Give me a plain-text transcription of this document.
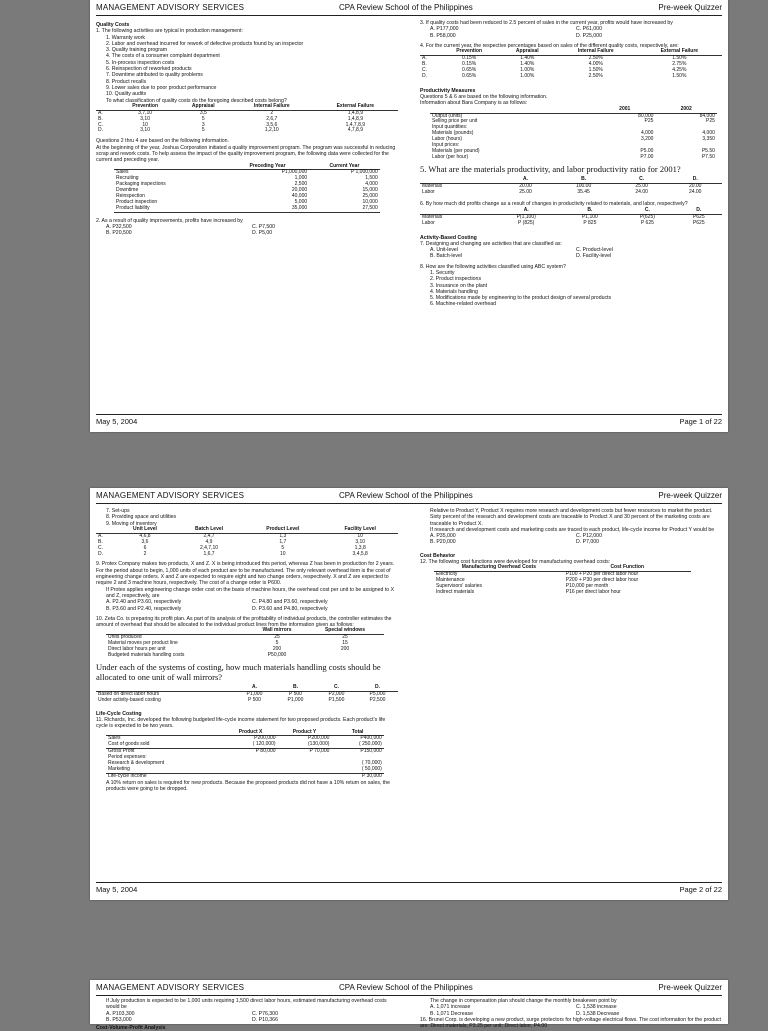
MANAGEMENT ADVISORY SERVICES	CPA Review School of the Philippines	Pre-week Quizzer
Quality Costs
1. The following activities are typical in production management:
1. Warranty work
2. Labor and overhead incurred for rework of defective products found by an inspector
3. Quality training program
4. The costs of a consumer complaint department
5. In-process inspection costs
6. Reinspection of reworked products
7. Downtime attributed to quality problems
8. Product recalls
9. Lower sales due to poor product performance
10. Quality audits
To what classification of quality costs do the foregoing described costs belong?
	Prevention	Appraisal	Internal Failure	External Failure
A.	3,7,10	3,5	2	1,4,8,9
B.	3,10	5	2,6,7	1,4,8,9
C.	10	3	3,5,6	1,4,7,8,9
D.	3,10	5	1,2,10	4,7,8,9
Questions 2 thru 4 are based on the following information.
At the beginning of the year, Joshua Corporation initiated a quality improvement program. The program was successful in reducing scrap and rework costs. To help assess the impact of the quality improvement program, the following data were collected for the current and preceding year.
	Preceding Year	Current Year
Sales	P1,000,000	P 1,000,000
Recruiting	1,000	1,500
Packaging inspections	2,500	4,000
Downtime	20,000	15,000
Reinspection	40,000	25,000
Product inspection	5,000	10,000
Product liability	35,000	27,500
2. As a result of quality improvements, profits have increased by
A. P32,500	C. P7,500
B. P20,500	D. P5,00
3. If quality costs had been reduced to 2.5 percent of sales in the current year, profits would have increased by
A. P177,000	C. P61,000
B. P58,000	D. P25,000
4. For the current year, the respective percentages based on sales of the different quality costs, respectively, are:
	Prevention	Appraisal	Internal Failure	External Failure
A.	0.15%	1.40%	2.50%	1.50%
B.	0.15%	1.40%	4.00%	2.75%
C.	0.65%	1.00%	1.50%	4.25%
D.	0.65%	1.00%	2.50%	1.50%
Productivity Measures
Questions 5 & 6 are based on the following information.
Information about Bara Company is as follows:
	2001	2002
Output (units)	80,000	84,000
Selling price per unit	P25	P25
Input quantities:		
Materials (pounds)	4,000	4,000
Labor (hours)	3,200	3,350
Input prices:		
Materials (per pound)	P5.00	P5.50
Labor (per hour)	P7.00	P7.50
5. What are the materials productivity, and labor productivity ratio for 2001?
	A.	B.	C.	D.
Materials	20.00	100.00	25.00	20.00
Labor	25.00	35.45	24.00	24.00
6. By how much did profits change as a result of changes in productivity related to materials, and labor, respectively?
	A.	B.	C.	D.
Materials	P(1,100)	P1,100	P(625)	P625
Labor	P (825)	P 825	P 625	P625
Activity-Based Costing
7. Designing and changing are activities that are classified as:
A. Unit-level	C. Product-level
B. Batch-level	D. Facility-level
8. How are the following activities classified using ABC system?
1. Security
2. Product inspections
3. Insurance on the plant
4. Materials handling
5. Modifications made by engineering to the product design of several products
6. Machine-related overhead
May 5, 2004	Page 1 of 22
MANAGEMENT ADVISORY SERVICES	CPA Review School of the Philippines	Pre-week Quizzer
7. Set-ups
8. Providing space and utilities
9. Moving of inventory
	Unit Level	Batch Level	Product Level	Facility Level
A.	4,6,8	2,4,7	1,3	10
B.	3,6	4,9	1,7	3,10
C.	6	2,4,7,10	5	1,3,8
D.	2	1,6,7	10	3,4,5,8
9. Protex Company makes two products, X and Z. X is being introduced this period, whereas Z has been in production for 2 years. For the period about to begin, 1,000 units of each product are to be manufactured. The only relevant overhead item is the cost of engineering change orders. X and Z are expected to require eight and two change orders, respectively. X and Z are expected to require 2 and 3 machine hours, respectively. The cost of a change order is P600.
If Protex applies engineering change order cost on the basis of machine hours, the overhead cost per unit to be assigned to X and Z, respectively, are
A. P2.40 and P3.60, respectively	C. P4.80 and P3.60, respectively
B. P3.60 and P2.40, respectively	D. P3.60 and P4.80, respectively
10. Zeta Co. is preparing its profit plan. As part of its analysis of the profitability of individual products, the controller estimates the amount of overhead that should be allocated to the individual product lines from the information given as follows:
	Wall mirrors	Special windows
Units produced	25	25
Material moves per product line	5	15
Direct labor hours per unit	200	200
Budgeted materials handling costs	P50,000	
Under each of the systems of costing, how much materials handling costs should be allocated to one unit of wall mirrors?
	A.	B.	C.	D.
Based on direct labor hours	P1,000	P 500	P2,000	P5,000
Under activity-based costing	P 500	P1,000	P1,500	P2,500
Life-Cycle Costing
11. Richards, Inc. developed the following budgeted life-cycle income statement for two proposed products. Each product's life cycle is expected to be two years.
	Product X	Product Y	Total
Sales	P200,000	P200,000	P400,000
Cost of goods sold	( 120,000)	(130,000)	( 250,000)
Gross Profit	P 80,000	P 70,000	P150,000
Period expenses:			
Research & development			( 70,000)
Marketing			( 50,000)
Life-cycle income			P 30,000
A 10% return on sales is required for new products. Because the proposed products did not have a 10% return on sales, the products were going to be dropped.
Relative to Product Y, Product X requires more research and development costs but fewer resources to market the product. Sixty percent of the research and development costs are traceable to Product X and 30 percent of the marketing costs are traceable to Product X.
If research and development costs and marketing costs are traced to each product, life-cycle income for Product Y would be
A. P35,000	C. P12,000
B. P20,000	D. P7,000
Cost Behavior
12. The following cost functions were developed for manufacturing overhead costs:
Manufacturing Overhead Costs	Cost Function
Electricity	P100 + P20 per direct labor hour
Maintenance	P200 + P30 per direct labor hour
Supervisors' salaries	P10,000 per month
Indirect materials	P16 per direct labor hour
May 5, 2004	Page 2 of 22
MANAGEMENT ADVISORY SERVICES	CPA Review School of the Philippines	Pre-week Quizzer
If July production is expected to be 1,000 units requiring 1,500 direct labor hours, estimated manufacturing overhead costs would be
A. P103,300	C. P76,300
B. P53,000	D. P10,366
Cost-Volume-Profit Analysis
The change in compensation plan should change the monthly breakeven point by
A. 1,071 increase	C. 1,538 increase
B. 1,071 Decrease	D. 1,538 Decrease
16. Brunei Corp. is developing a new product, surge protectors for high-voltage electrical flows. The cost information for the product are: Direct materials, P3.25 per unit; Direct labor, P4.00
